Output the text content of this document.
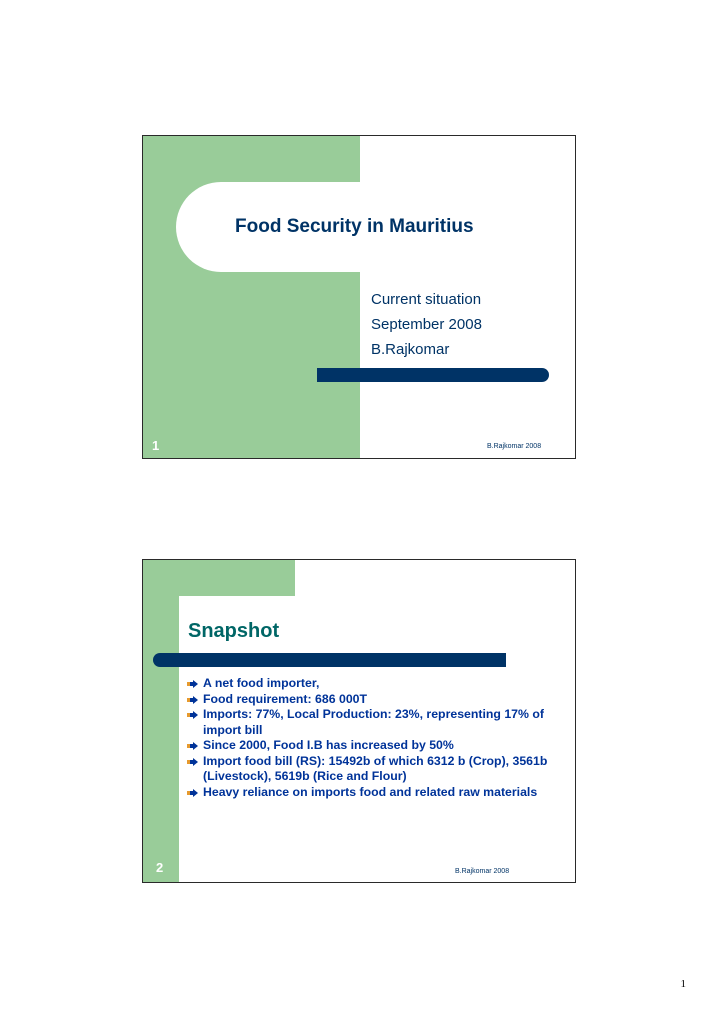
Food Security in Mauritius
Current situation
September 2008
B.Rajkomar
1	B.Rajkomar 2008
Snapshot
A net food importer,
Food requirement: 686 000T
Imports: 77%, Local Production: 23%, representing 17% of import bill
Since 2000, Food I.B has increased by 50%
Import food bill (RS): 15492b of which 6312 b (Crop), 3561b (Livestock), 5619b (Rice and Flour)
Heavy reliance on imports food and related raw materials
2	B.Rajkomar 2008
1
